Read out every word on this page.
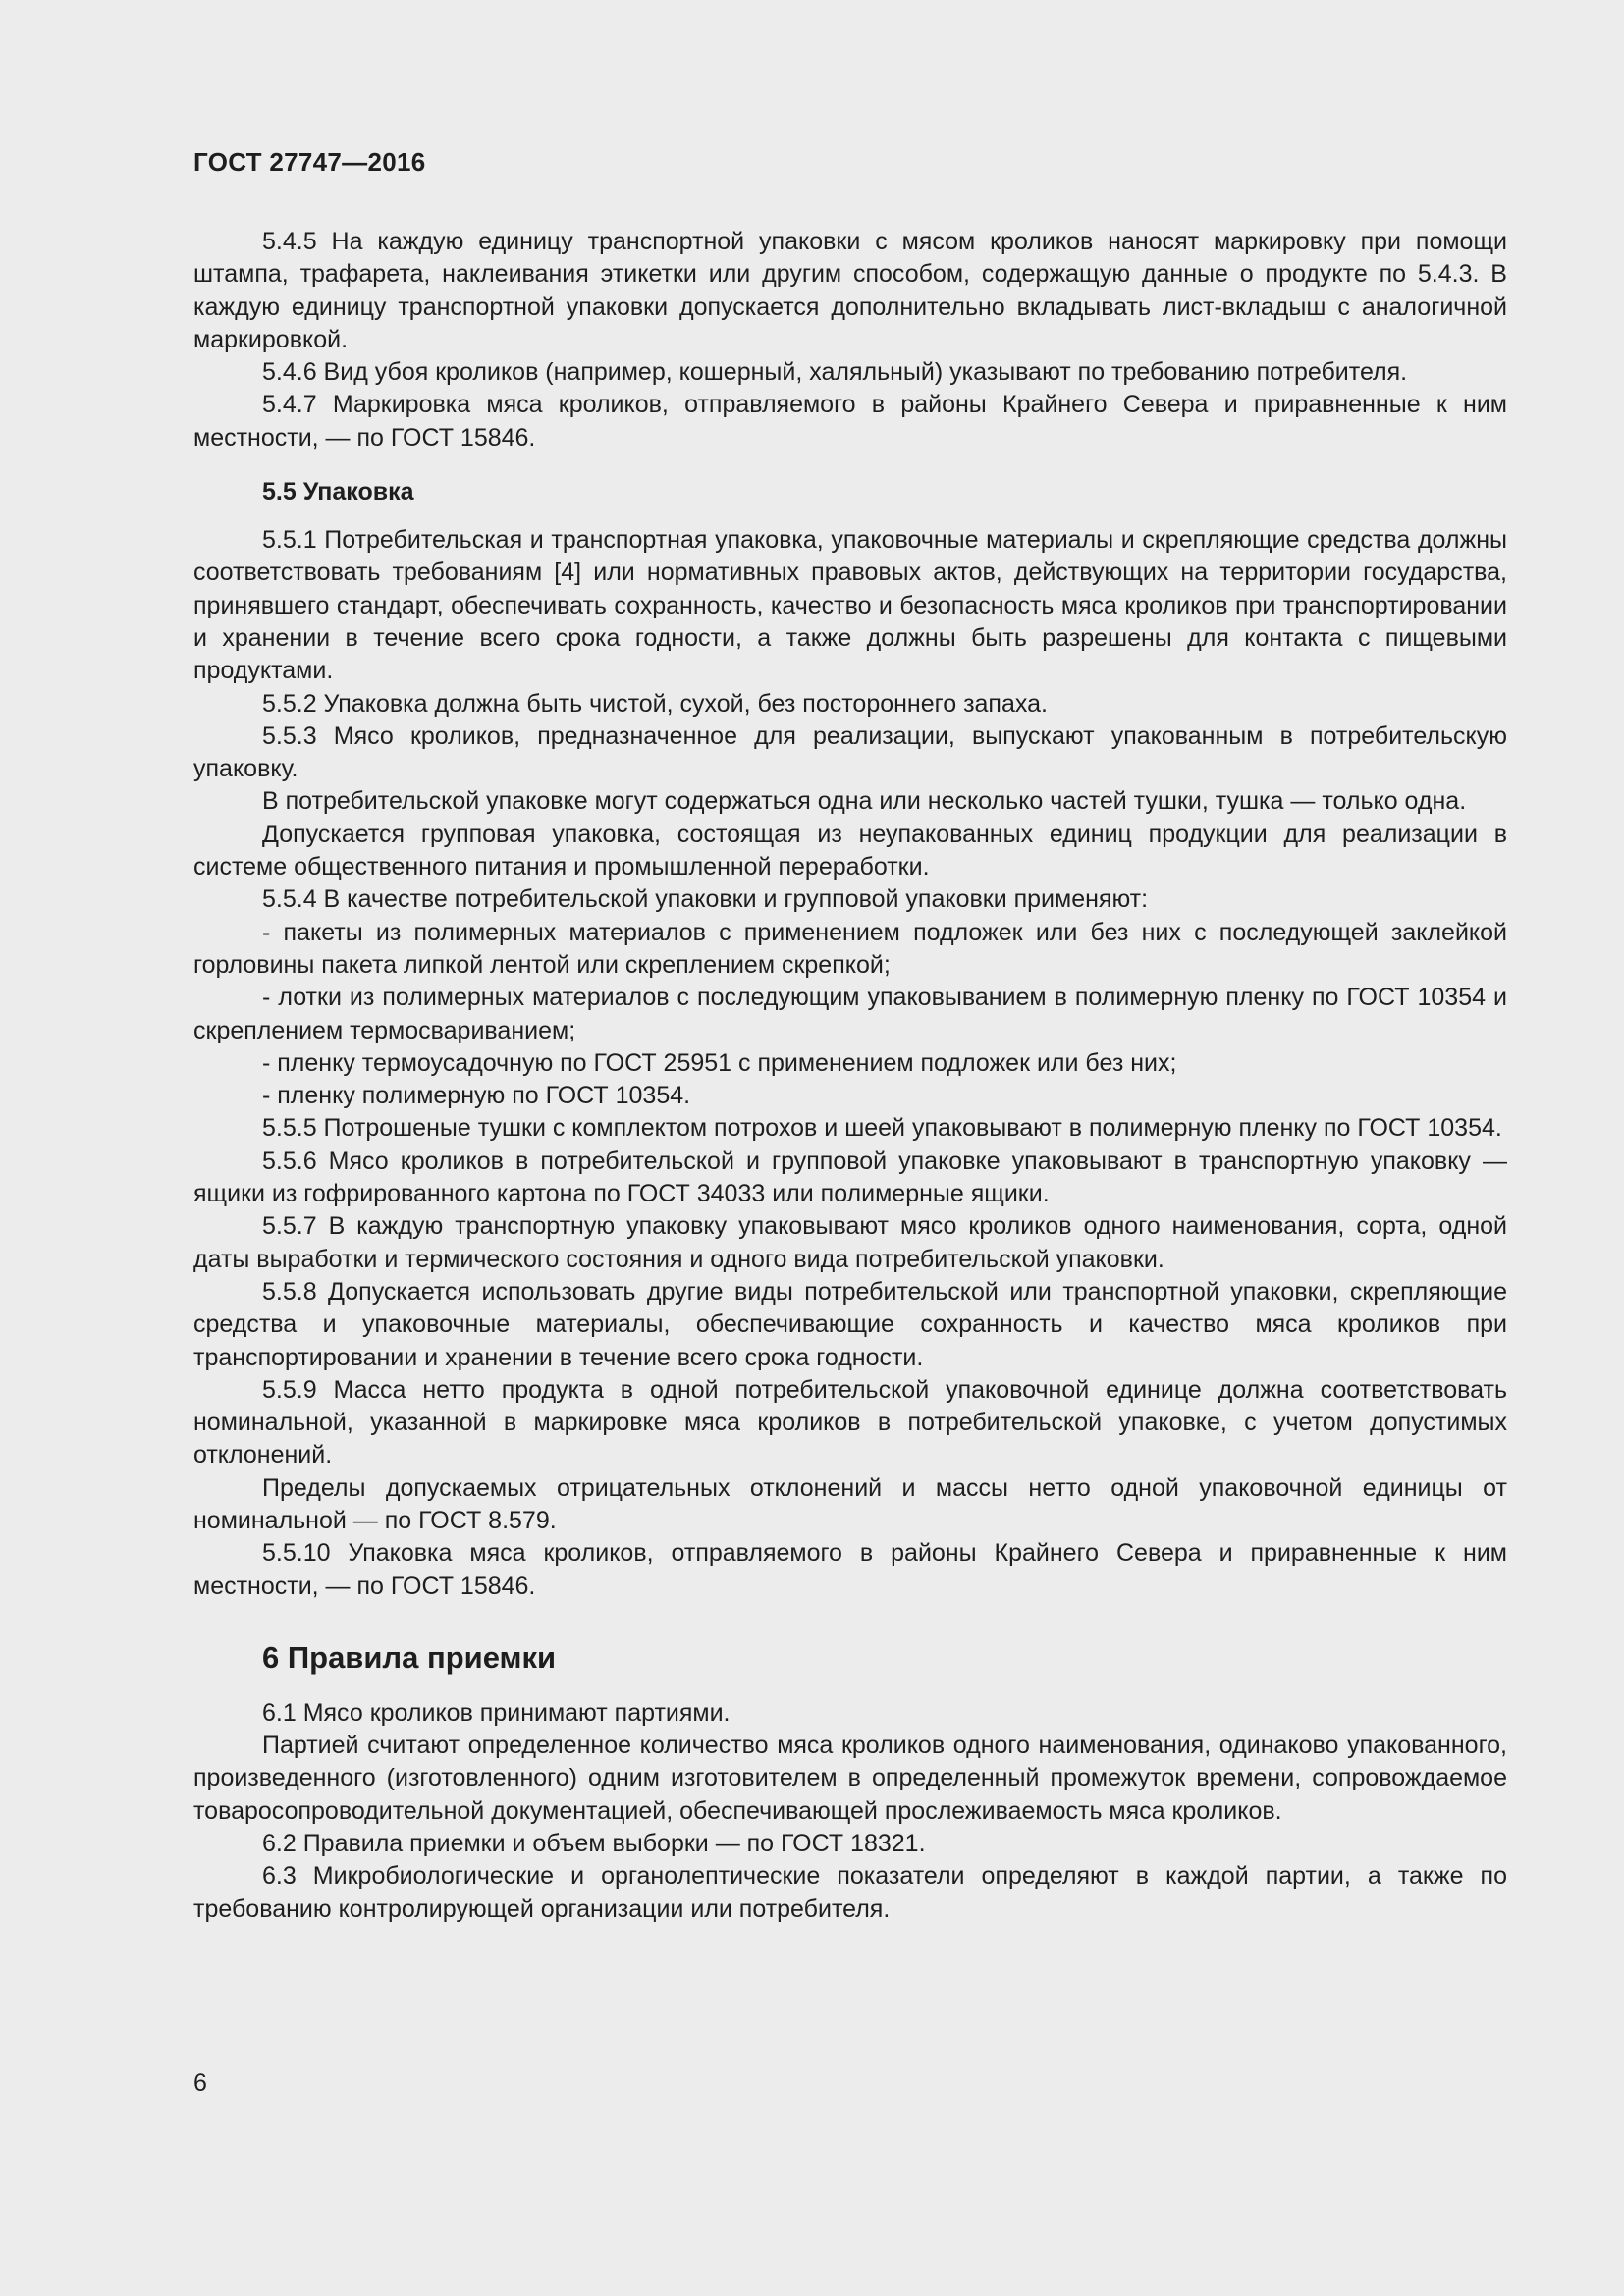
ГОСТ 27747—2016

5.4.5 На каждую единицу транспортной упаковки с мясом кроликов наносят маркировку при помощи штампа, трафарета, наклеивания этикетки или другим способом, содержащую данные о продукте по 5.4.3. В каждую единицу транспортной упаковки допускается дополнительно вкладывать лист-вкладыш с аналогичной маркировкой.

5.4.6 Вид убоя кроликов (например, кошерный, халяльный) указывают по требованию потребителя.

5.4.7 Маркировка мяса кроликов, отправляемого в районы Крайнего Севера и приравненные к ним местности, — по ГОСТ 15846.

5.5 Упаковка

5.5.1 Потребительская и транспортная упаковка, упаковочные материалы и скрепляющие средства должны соответствовать требованиям [4] или нормативных правовых актов, действующих на территории государства, принявшего стандарт, обеспечивать сохранность, качество и безопасность мяса кроликов при транспортировании и хранении в течение всего срока годности, а также должны быть разрешены для контакта с пищевыми продуктами.

5.5.2 Упаковка должна быть чистой, сухой, без постороннего запаха.

5.5.3 Мясо кроликов, предназначенное для реализации, выпускают упакованным в потребительскую упаковку.

В потребительской упаковке могут содержаться одна или несколько частей тушки, тушка — только одна.

Допускается групповая упаковка, состоящая из неупакованных единиц продукции для реализации в системе общественного питания и промышленной переработки.

5.5.4 В качестве потребительской упаковки и групповой упаковки применяют:

- пакеты из полимерных материалов с применением подложек или без них с последующей заклейкой горловины пакета липкой лентой или скреплением скрепкой;

- лотки из полимерных материалов с последующим упаковыванием в полимерную пленку по ГОСТ 10354 и скреплением термосвариванием;

- пленку термоусадочную по ГОСТ 25951 с применением подложек или без них;

- пленку полимерную по ГОСТ 10354.

5.5.5 Потрошеные тушки с комплектом потрохов и шеей упаковывают в полимерную пленку по ГОСТ 10354.

5.5.6 Мясо кроликов в потребительской и групповой упаковке упаковывают в транспортную упаковку — ящики из гофрированного картона по ГОСТ 34033 или полимерные ящики.

5.5.7 В каждую транспортную упаковку упаковывают мясо кроликов одного наименования, сорта, одной даты выработки и термического состояния и одного вида потребительской упаковки.

5.5.8 Допускается использовать другие виды потребительской или транспортной упаковки, скрепляющие средства и упаковочные материалы, обеспечивающие сохранность и качество мяса кроликов при транспортировании и хранении в течение всего срока годности.

5.5.9 Масса нетто продукта в одной потребительской упаковочной единице должна соответствовать номинальной, указанной в маркировке мяса кроликов в потребительской упаковке, с учетом допустимых отклонений.

Пределы допускаемых отрицательных отклонений и массы нетто одной упаковочной единицы от номинальной — по ГОСТ 8.579.

5.5.10 Упаковка мяса кроликов, отправляемого в районы Крайнего Севера и приравненные к ним местности, — по ГОСТ 15846.

6 Правила приемки

6.1 Мясо кроликов принимают партиями.

Партией считают определенное количество мяса кроликов одного наименования, одинаково упакованного, произведенного (изготовленного) одним изготовителем в определенный промежуток времени, сопровождаемое товаросопроводительной документацией, обеспечивающей прослеживаемость мяса кроликов.

6.2 Правила приемки и объем выборки — по ГОСТ 18321.

6.3 Микробиологические и органолептические показатели определяют в каждой партии, а также по требованию контролирующей организации или потребителя.

6
